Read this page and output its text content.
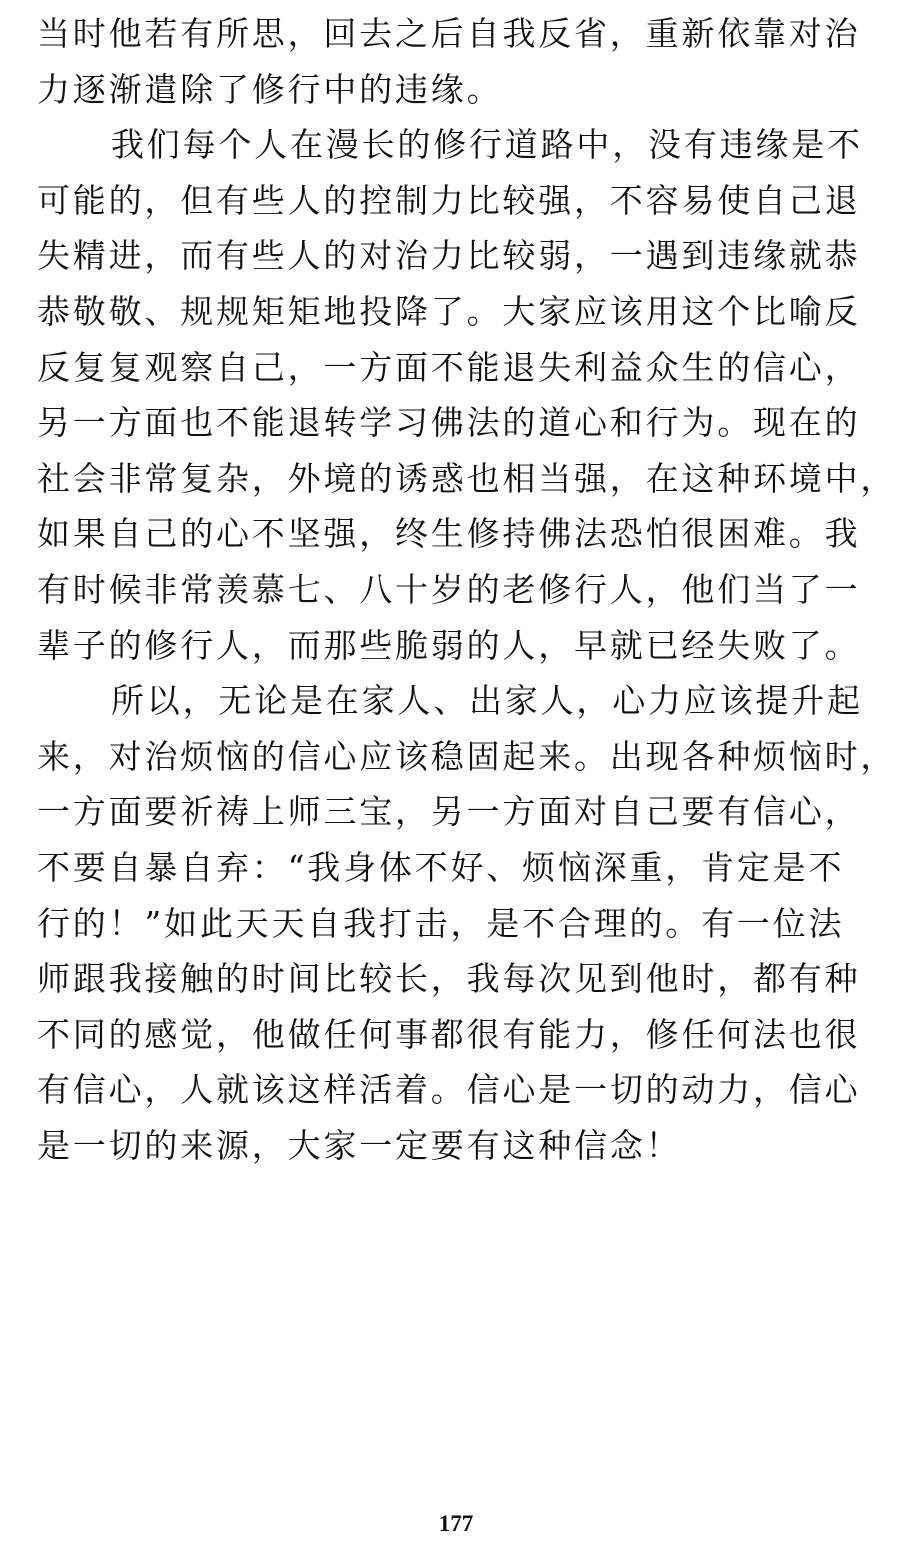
当时他若有所思，回去之后自我反省，重新依靠对治
力逐渐遣除了修行中的违缘。
我们每个人在漫长的修行道路中，没有违缘是不
可能的，但有些人的控制力比较强，不容易使自己退
失精进，而有些人的对治力比较弱，一遇到违缘就恭
恭敬敬、规规矩矩地投降了。大家应该用这个比喻反
反复复观察自己，一方面不能退失利益众生的信心，
另一方面也不能退转学习佛法的道心和行为。现在的
社会非常复杂，外境的诱惑也相当强，在这种环境中，
如果自己的心不坚强，终生修持佛法恐怕很困难。我
有时候非常羡慕七、八十岁的老修行人，他们当了一
辈子的修行人，而那些脆弱的人，早就已经失败了。
所以，无论是在家人、出家人，心力应该提升起
来，对治烦恼的信心应该稳固起来。出现各种烦恼时，
一方面要祈祷上师三宝，另一方面对自己要有信心，
不要自暴自弃：“我身体不好、烦恼深重，肯定是不
行的！”如此天天自我打击，是不合理的。有一位法
师跟我接触的时间比较长，我每次见到他时，都有种
不同的感觉，他做任何事都很有能力，修任何法也很
有信心，人就该这样活着。信心是一切的动力，信心
是一切的来源，大家一定要有这种信念！
177
